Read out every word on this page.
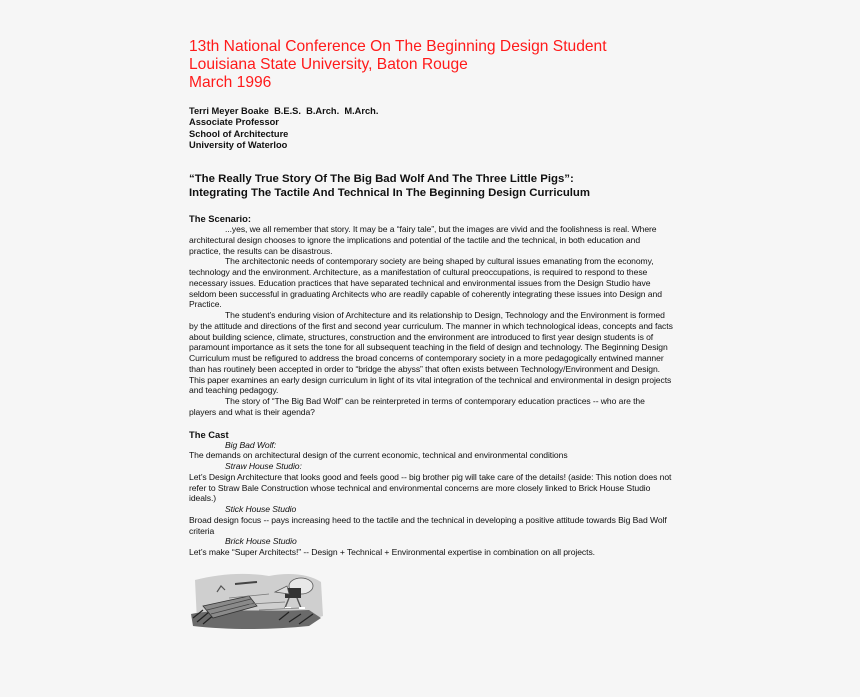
13th National Conference On The Beginning Design Student
Louisiana State University, Baton Rouge
March 1996
Terri Meyer Boake  B.E.S.  B.Arch.  M.Arch.
Associate Professor
School of Architecture
University of Waterloo
“The Really True Story Of The Big Bad Wolf And The Three Little Pigs”:
Integrating The Tactile And Technical In The Beginning Design Curriculum
The Scenario:

...yes, we all remember that story. It may be a “fairy tale”, but the images are vivid and the foolishness is real. Where architectural design chooses to ignore the implications and potential of the tactile and the technical, in both education and practice, the results can be disastrous.

The architectonic needs of contemporary society are being shaped by cultural issues emanating from the economy, technology and the environment. Architecture, as a manifestation of cultural preoccupations, is required to respond to these necessary issues. Education practices that have separated technical and environmental issues from the Design Studio have seldom been successful in graduating Architects who are readily capable of coherently integrating these issues into Design and Practice.

The student’s enduring vision of Architecture and its relationship to Design, Technology and the Environment is formed by the attitude and directions of the first and second year curriculum. The manner in which technological ideas, concepts and facts about building science, climate, structures, construction and the environment are introduced to first year design students is of paramount importance as it sets the tone for all subsequent teaching in the field of design and technology. The Beginning Design Curriculum must be refigured to address the broad concerns of contemporary society in a more pedagogically entwined manner than has routinely been accepted in order to “bridge the abyss” that often exists between Technology/Environment and Design. This paper examines an early design curriculum in light of its vital integration of the technical and environmental in design projects and teaching pedagogy.

The story of “The Big Bad Wolf” can be reinterpreted in terms of contemporary education practices -- who are the players and what is their agenda?

The Cast
Big Bad Wolf:

The demands on architectural design of the current economic, technical and environmental conditions

Straw House Studio:

Let’s Design Architecture that looks good and feels good -- big brother pig will take care of the details! (aside: This notion does not refer to Straw Bale Construction whose technical and environmental concerns are more closely linked to Brick House Studio ideals.)

Stick House Studio

Broad design focus -- pays increasing heed to the tactile and the technical in developing a positive attitude towards Big Bad Wolf criteria

Brick House Studio

Let’s make “Super Architects!” -- Design + Technical + Environmental expertise in combination on all projects.
